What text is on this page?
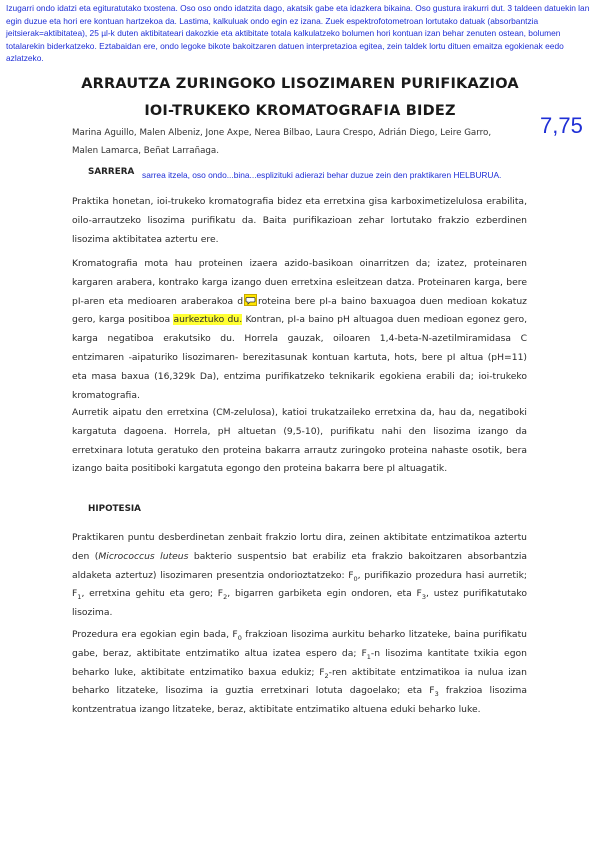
Izugarri ondo idatzi eta egituratutako txostena. Oso oso ondo idatzita dago, akatsik gabe eta idazkera bikaina. Oso gustura irakurri dut. 3 taldeen datuekin lan egin duzue eta hori ere kontuan hartzekoa da. Lastima, kalkuluak ondo egin ez izana. Zuek espektrofotometroan lortutako datuak (absorbantzia jeitsierak=aktibitatea), 25 µl-k duten aktibitateari dakozkie eta aktibitate totala kalkulatzeko bolumen hori kontuan izan behar zenuten ostean, bolumen totalarekin biderkatzeko. Eztabaidan ere, ondo legoke bikote bakoitzaren datuen interpretazioa egitea, zein taldek lortu dituen emaitza egokienak eedo azlatzeko.
ARRAUTZA ZURINGOKO LISOZIMAREN PURIFIKAZIOA
IOI-TRUKEKO KROMATOGRAFIA BIDEZ
7,75
Marina Aguillo, Malen Albeniz, Jone Axpe, Nerea Bilbao, Laura Crespo, Adrián Diego, Leire Garro,
Malen Lamarca, Beñat Larrañaga.
SARRERA sarrea itzela, oso ondo...bina...esplizituki adierazi behar duzue zein den praktikaren HELBURUA.
Praktika honetan, ioi-trukeko kromatografia bidez eta erretxina gisa karboximetizelulosa erabilita, oilo-arrautzeko lisozima purifikatu da. Baita purifikazioan zehar lortutako frakzio ezberdinen lisozima aktibitatea aztertu ere.
Kromatografia mota hau proteinen izaera azido-basikoan oinarritzen da; izatez, proteinaren kargaren arabera, kontrako karga izango duen erretxina esleitzean datza. Proteinaren karga, bere pI-aren eta medioaren araberakoa d roteina bere pI-a baino baxuagoa duen medioan kokatuz gero, karga positiboa aurkeztuko du. Kontran, pI-a baino pH altuagoa duen medioan egonez gero, karga negatiboa erakutsiko du. Horrela gauzak, oiloaren 1,4-beta-N-azetilmiramidasa C entzimaren -aipaturiko lisozimaren- berezitasunak kontuan kartuta, hots, bere pI altua (pH=11) eta masa baxua (16,329k Da), entzima purifikatzeko teknikarik egokiena erabili da; ioi-trukeko kromatografia.
Aurretik aipatu den erretxina (CM-zelulosa), katioi trukatzaileko erretxina da, hau da, negatiboki kargatuta dagoena. Horrela, pH altuetan (9,5-10), purifikatu nahi den lisozima izango da erretxinara lotuta geratuko den proteina bakarra arrautz zuringoko proteina nahaste osotik, bera izango baita positiboki kargatuta egongo den proteina bakarra bere pI altuagatik.
HIPOTESIA
Praktikaren puntu desberdinetan zenbait frakzio lortu dira, zeinen aktibitate entzimatikoa aztertu den (Micrococcus luteus bakterio suspentsio bat erabiliz eta frakzio bakoitzaren absorbantzia aldaketa aztertuz) lisozimaren presentzia ondorioztatzeko: $F_0$, purifikazio prozedura hasi aurretik; $F_1$, erretxina gehitu eta gero; $F_2$, bigarren garbiketa egin ondoren, eta $F_3$, ustez purifikatutako lisozima.
Prozedura era egokian egin bada, $F_0$ frakzioan lisozima aurkitu beharko litzateke, baina purifikatu gabe, beraz, aktibitate entzimatiko altua izatea espero da; $F_1-n$ lisozima kantitate txikia egon beharko luke, aktibitate entzimatiko baxua edukiz; $F_2$-ren aktibitate entzimatikoa ia nulua izan beharko litzateke, lisozima ia guztia erretxinari lotuta dagoelako; eta $F_3$ frakzioa lisozima kontzentratua izango litzateke, beraz, aktibitate entzimatiko altuena eduki beharko luke.
